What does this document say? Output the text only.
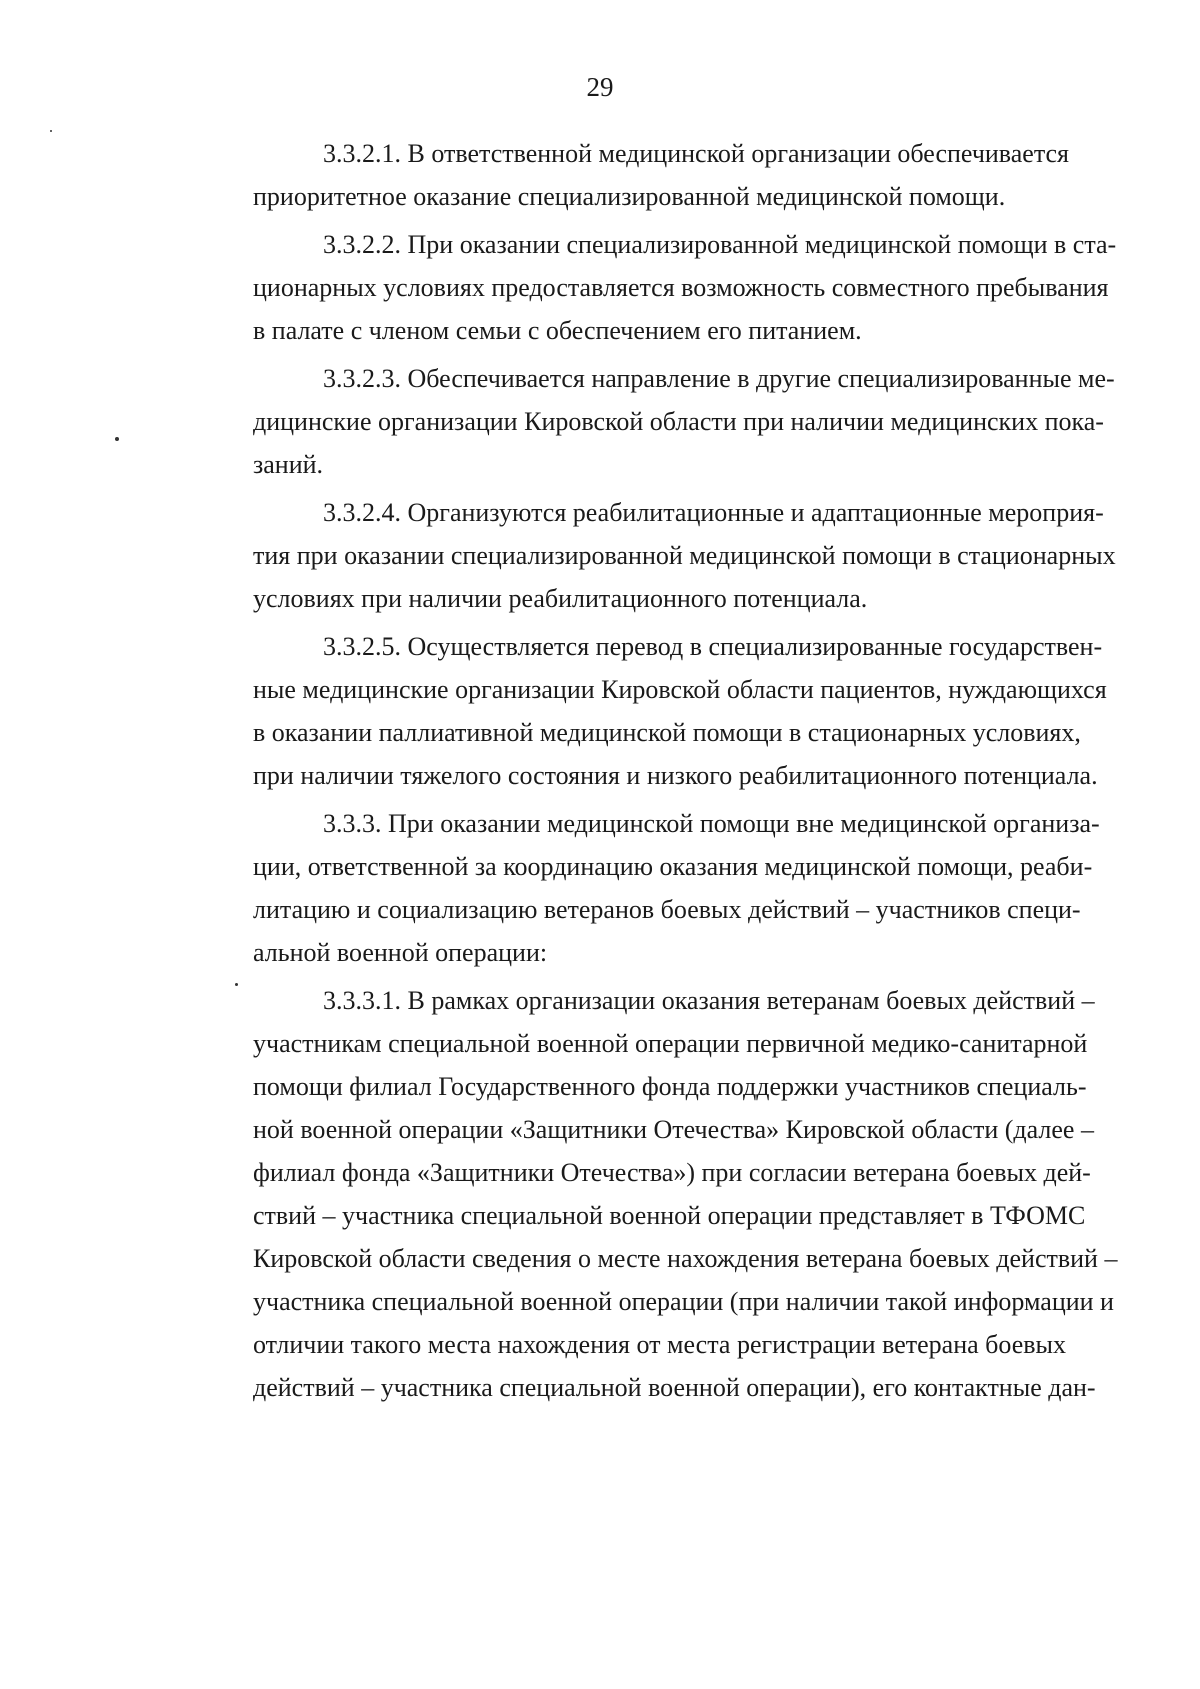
29
3.3.2.1. В ответственной медицинской организации обеспечивается
приоритетное оказание специализированной медицинской помощи.
3.3.2.2. При оказании специализированной медицинской помощи в ста-
ционарных условиях предоставляется возможность совместного пребывания
в палате с членом семьи с обеспечением его питанием.
3.3.2.3. Обеспечивается направление в другие специализированные ме-
дицинские организации Кировской области при наличии медицинских пока-
заний.
3.3.2.4. Организуются реабилитационные и адаптационные мероприя-
тия при оказании специализированной медицинской помощи в стационарных
условиях при наличии реабилитационного потенциала.
3.3.2.5. Осуществляется перевод в специализированные государствен-
ные медицинские организации Кировской области пациентов, нуждающихся
в оказании паллиативной медицинской помощи в стационарных условиях,
при наличии тяжелого состояния и низкого реабилитационного потенциала.
3.3.3. При оказании медицинской помощи вне медицинской организа-
ции, ответственной за координацию оказания медицинской помощи, реаби-
литацию и социализацию ветеранов боевых действий – участников специ-
альной военной операции:
3.3.3.1. В рамках организации оказания ветеранам боевых действий –
участникам специальной военной операции первичной медико-санитарной
помощи филиал Государственного фонда поддержки участников специаль-
ной военной операции «Защитники Отечества» Кировской области (далее –
филиал фонда «Защитники Отечества») при согласии ветерана боевых дей-
ствий – участника специальной военной операции представляет в ТФОМС
Кировской области сведения о месте нахождения ветерана боевых действий –
участника специальной военной операции (при наличии такой информации и
отличии такого места нахождения от места регистрации ветерана боевых
действий – участника специальной военной операции), его контактные дан-
